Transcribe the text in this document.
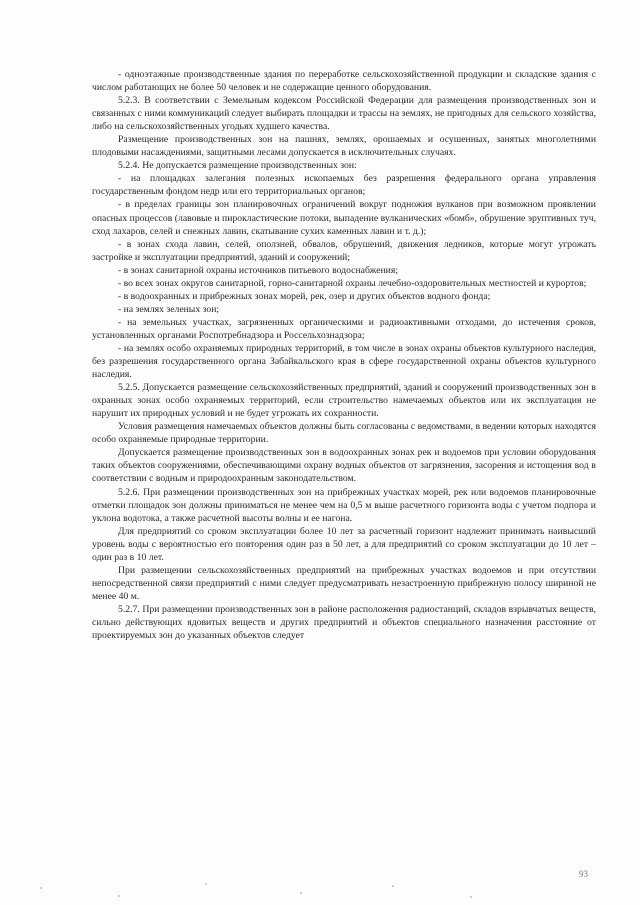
- одноэтажные производственные здания по переработке сельскохозяйственной продукции и складские здания с числом работающих не более 50 человек и не содержащие ценного оборудования.

5.2.3. В соответствии с Земельным кодексом Российской Федерации для размещения производственных зон и связанных с ними коммуникаций следует выбирать площадки и трассы на землях, не пригодных для сельского хозяйства, либо на сельскохозяйственных угодьях худшего качества.

Размещение производственных зон на пашнях, землях, орошаемых и осушенных, занятых многолетними плодовыми насаждениями, защитными лесами допускается в исключительных случаях.

5.2.4. Не допускается размещение производственных зон:

- на площадках залегания полезных ископаемых без разрешения федерального органа управления государственным фондом недр или его территориальных органов;

- в пределах границы зон планировочных ограничений вокруг подножия вулканов при возможном проявлении опасных процессов (лавовые и пирокластические потоки, выпадение вулканических «бомб», обрушение эруптивных туч, сход лахаров, селей и снежных лавин, скатывание сухих каменных лавин и т. д.);

- в зонах схода лавин, селей, оползней, обвалов, обрушений, движения ледников, которые могут угрожать застройке и эксплуатации предприятий, зданий и сооружений;

- в зонах санитарной охраны источников питьевого водоснабжения;

- во всех зонах округов санитарной, горно-санитарной охраны лечебно-оздоровительных местностей и курортов;

- в водоохранных и прибрежных зонах морей, рек, озер и других объектов водного фонда;

- на землях зеленых зон;

- на земельных участках, загрязненных органическими и радиоактивными отходами, до истечения сроков, установленных органами Роспотребнадзора и Россельхознадзора;

- на землях особо охраняемых природных территорий, в том числе в зонах охраны объектов культурного наследия, без разрешения государственного органа Забайкальского края в сфере государственной охраны объектов культурного наследия.

5.2.5. Допускается размещение сельскохозяйственных предприятий, зданий и сооружений производственных зон в охранных зонах особо охраняемых территорий, если строительство намечаемых объектов или их эксплуатация не нарушит их природных условий и не будет угрожать их сохранности.

Условия размещения намечаемых объектов должны быть согласованы с ведомствами, в ведении которых находятся особо охраняемые природные территории.

Допускается размещение производственных зон в водоохранных зонах рек и водоемов при условии оборудования таких объектов сооружениями, обеспечивающими охрану водных объектов от загрязнения, засорения и истощения вод в соответствии с водным и природоохранным законодательством.

5.2.6. При размещении производственных зон на прибрежных участках морей, рек или водоемов планировочные отметки площадок зон должны приниматься не менее чем на 0,5 м выше расчетного горизонта воды с учетом подпора и уклона водотока, а также расчетной высоты волны и ее нагона.

Для предприятий со сроком эксплуатации более 10 лет за расчетный горизонт надлежит принимать наивысший уровень воды с вероятностью его повторения один раз в 50 лет, а для предприятий со сроком эксплуатации до 10 лет – один раз в 10 лет.

При размещении сельскохозяйственных предприятий на прибрежных участках водоемов и при отсутствии непосредственной связи предприятий с ними следует предусматривать незастроенную прибрежную полосу шириной не менее 40 м.

5.2.7. При размещении производственных зон в районе расположения радиостанций, складов взрывчатых веществ, сильно действующих ядовитых веществ и других предприятий и объектов специального назначения расстояние от проектируемых зон до указанных объектов следует

93
